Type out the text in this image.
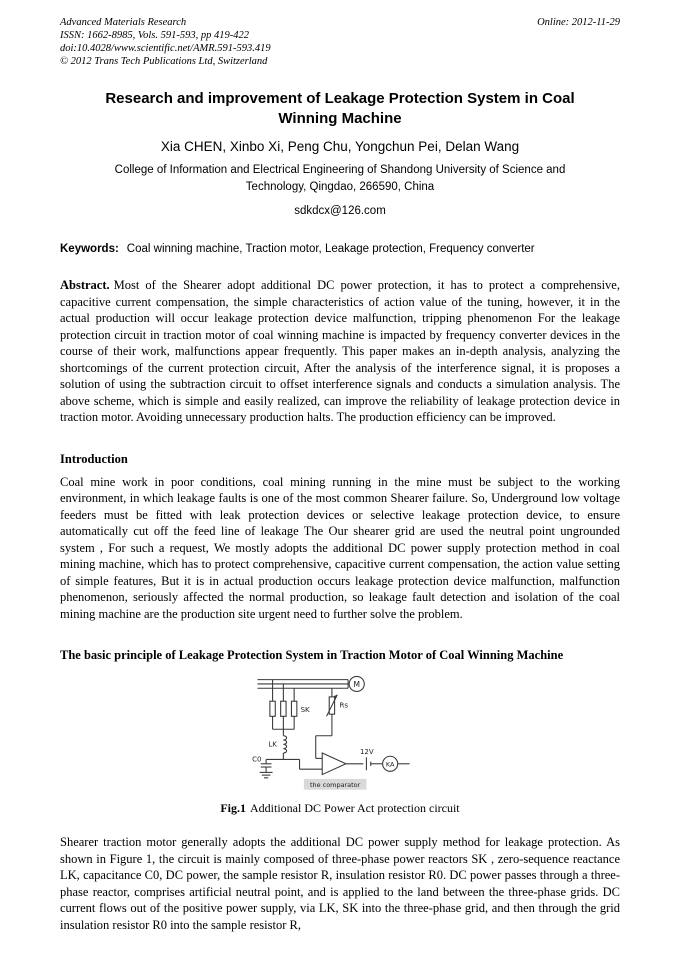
Advanced Materials Research
ISSN: 1662-8985, Vols. 591-593, pp 419-422
doi:10.4028/www.scientific.net/AMR.591-593.419
© 2012 Trans Tech Publications Ltd, Switzerland
Online: 2012-11-29
Research and improvement of Leakage Protection System in Coal Winning Machine
Xia CHEN, Xinbo Xi, Peng Chu, Yongchun Pei, Delan Wang
College of Information and Electrical Engineering of Shandong University of Science and Technology, Qingdao, 266590, China
sdkdcx@126.com
Keywords: Coal winning machine, Traction motor, Leakage protection, Frequency converter

Abstract. Most of the Shearer adopt additional DC power protection, it has to protect a comprehensive, capacitive current compensation, the simple characteristics of action value of the tuning, however, it in the actual production will occur leakage protection device malfunction, tripping phenomenon For the leakage protection circuit in traction motor of coal winning machine is impacted by frequency converter devices in the course of their work, malfunctions appear frequently. This paper makes an in-depth analysis, analyzing the shortcomings of the current protection circuit, After the analysis of the interference signal, it is proposes a solution of using the subtraction circuit to offset interference signals and conducts a simulation analysis. The above scheme, which is simple and easily realized, can improve the reliability of leakage protection device in traction motor. Avoiding unnecessary production halts. The production efficiency can be improved.

Introduction

Coal mine work in poor conditions, coal mining running in the mine must be subject to the working environment, in which leakage faults is one of the most common Shearer failure. So, Underground low voltage feeders must be fitted with leak protection devices or selective leakage protection device, to ensure automatically cut off the feed line of leakage The Our shearer grid are used the neutral point ungrounded system , For such a request, We mostly adopts the additional DC power supply protection method in coal mining machine, which has to protect comprehensive, capacitive current compensation, the action value setting of simple features, But it is in actual production occurs leakage protection device malfunction, malfunction phenomenon, seriously affected the normal production, so leakage fault detection and isolation of the coal mining machine are the production site urgent need to further solve the problem.

The basic principle of Leakage Protection System in Traction Motor of Coal Winning Machine
M
SK
LK
C0
Rs
the comparator
12V
KA
Fig.1 Additional DC Power Act protection circuit

Shearer traction motor generally adopts the additional DC power supply method for leakage protection. As shown in Figure 1, the circuit is mainly composed of three-phase power reactors SK , zero-sequence reactance LK, capacitance C0, DC power, the sample resistor R, insulation resistor R0. DC power passes through a three-phase reactor, comprises artificial neutral point, and is applied to the land between the three-phase grids. DC current flows out of the positive power supply, via LK, SK into the three-phase grid, and then through the grid insulation resistor R0 into the sample resistor R,
